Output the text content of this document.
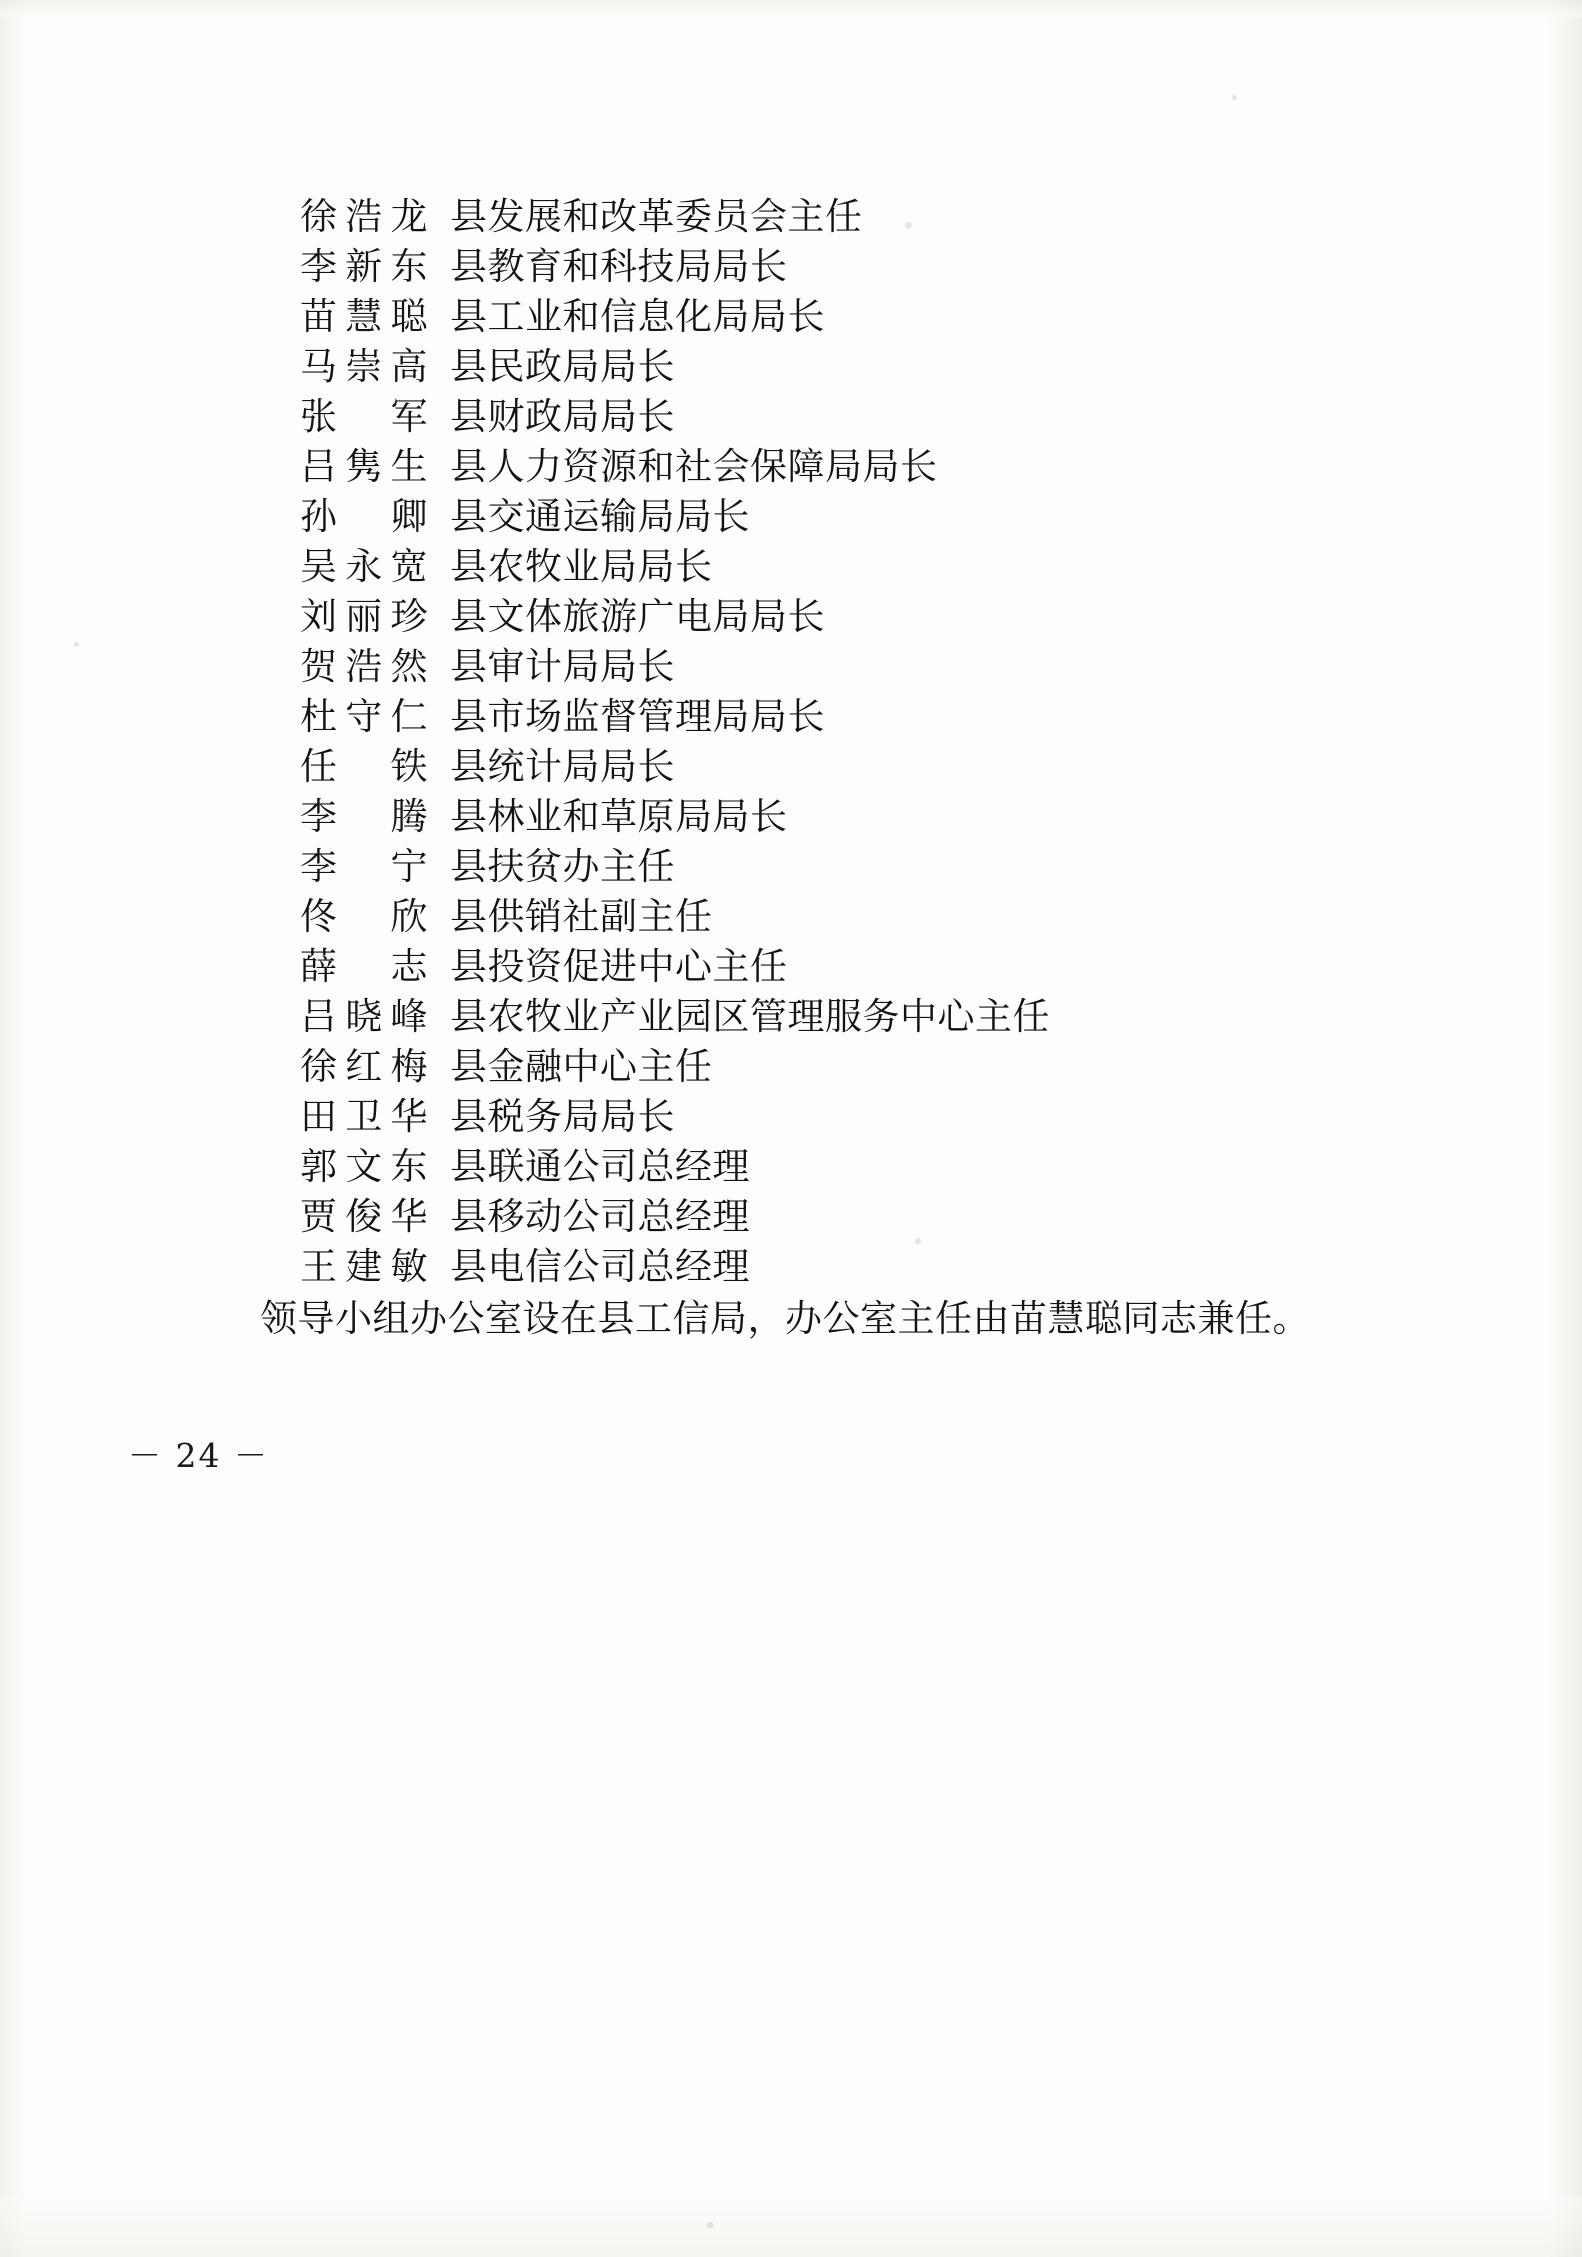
徐浩龙 县发展和改革委员会主任
李新东 县教育和科技局局长
苗慧聪 县工业和信息化局局长
马崇高 县民政局局长
张 军 县财政局局长
吕隽生 县人力资源和社会保障局局长
孙 卿 县交通运输局局长
吴永宽 县农牧业局局长
刘丽珍 县文体旅游广电局局长
贺浩然 县审计局局长
杜守仁 县市场监督管理局局长
任 铁 县统计局局长
李 腾 县林业和草原局局长
李 宁 县扶贫办主任
佟 欣 县供销社副主任
薛 志 县投资促进中心主任
吕晓峰 县农牧业产业园区管理服务中心主任
徐红梅 县金融中心主任
田卫华 县税务局局长
郭文东 县联通公司总经理
贾俊华 县移动公司总经理
王建敏 县电信公司总经理
领导小组办公室设在县工信局，办公室主任由苗慧聪同志兼任。
－ 24 －
